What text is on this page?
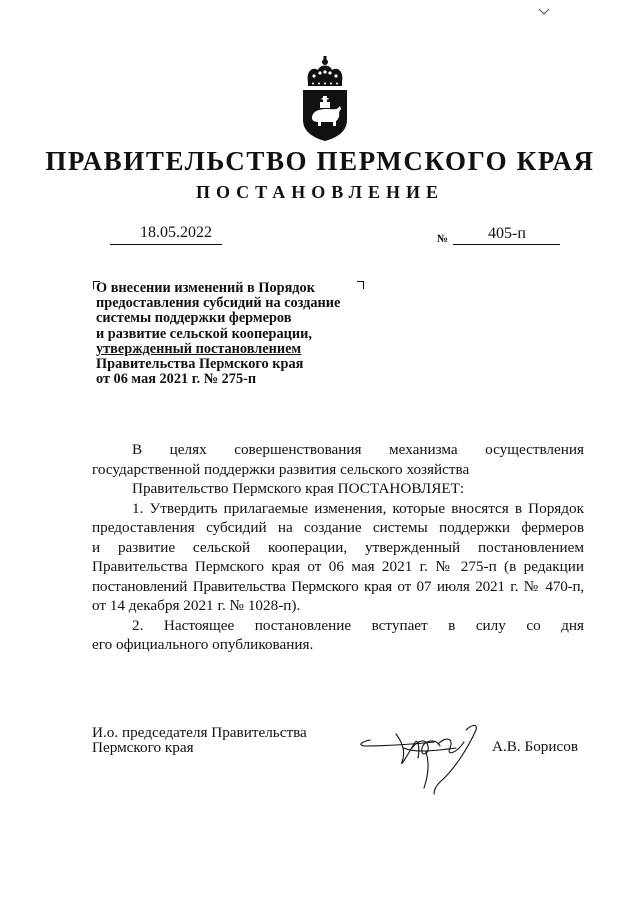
ПРАВИТЕЛЬСТВО ПЕРМСКОГО КРАЯ
ПОСТАНОВЛЕНИЕ
18.05.2022	№ 405-п
О внесении изменений в Порядок
предоставления субсидий на создание
системы поддержки фермеров
и развитие сельской кооперации,
утвержденный постановлением
Правительства Пермского края
от 06 мая 2021 г. № 275-п
В целях совершенствования механизма осуществления
государственной поддержки развития сельского хозяйства
Правительство Пермского края ПОСТАНОВЛЯЕТ:
1. Утвердить прилагаемые изменения, которые вносятся в Порядок
предоставления субсидий на создание системы поддержки фермеров
и развитие сельской кооперации, утвержденный постановлением
Правительства Пермского края от 06 мая 2021 г. № 275-п (в редакции
постановлений Правительства Пермского края от 07 июля 2021 г. № 470-п,
от 14 декабря 2021 г. № 1028-п).
2. Настоящее постановление вступает в силу со дня
его официального опубликования.
И.о. председателя Правительства
Пермского края	А.В. Борисов
